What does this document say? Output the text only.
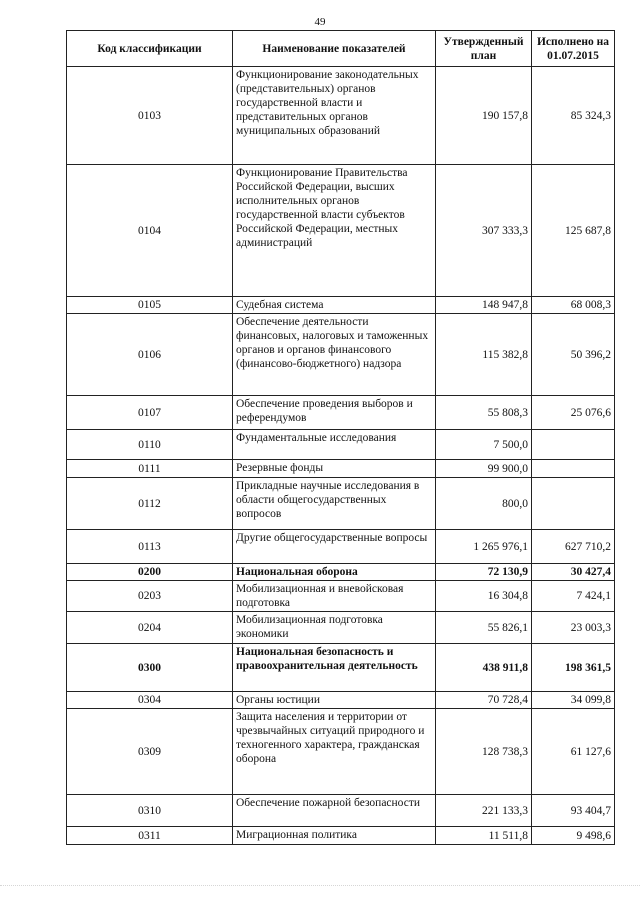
49
Код классификации	Наименование показателей	Утвержденный план	Исполнено на 01.07.2015
0103	Функционирование законодательных (представительных) органов государственной власти и представительных органов муниципальных образований	190 157,8	85 324,3
0104	Функционирование Правительства Российской Федерации, высших исполнительных органов государственной власти субъектов Российской Федерации, местных администраций	307 333,3	125 687,8
0105	Судебная система	148 947,8	68 008,3
0106	Обеспечение деятельности финансовых, налоговых и таможенных органов и органов финансового (финансово-бюджетного) надзора	115 382,8	50 396,2
0107	Обеспечение проведения выборов и референдумов	55 808,3	25 076,6
0110	Фундаментальные исследования	7 500,0	
0111	Резервные фонды	99 900,0	
0112	Прикладные научные исследования в области общегосударственных вопросов	800,0	
0113	Другие общегосударственные вопросы	1 265 976,1	627 710,2
0200	Национальная оборона	72 130,9	30 427,4
0203	Мобилизационная и вневойсковая подготовка	16 304,8	7 424,1
0204	Мобилизационная подготовка экономики	55 826,1	23 003,3
0300	Национальная безопасность и правоохранительная деятельность	438 911,8	198 361,5
0304	Органы юстиции	70 728,4	34 099,8
0309	Защита населения и территории от чрезвычайных ситуаций природного и техногенного характера, гражданская оборона	128 738,3	61 127,6
0310	Обеспечение пожарной безопасности	221 133,3	93 404,7
0311	Миграционная политика	11 511,8	9 498,6
